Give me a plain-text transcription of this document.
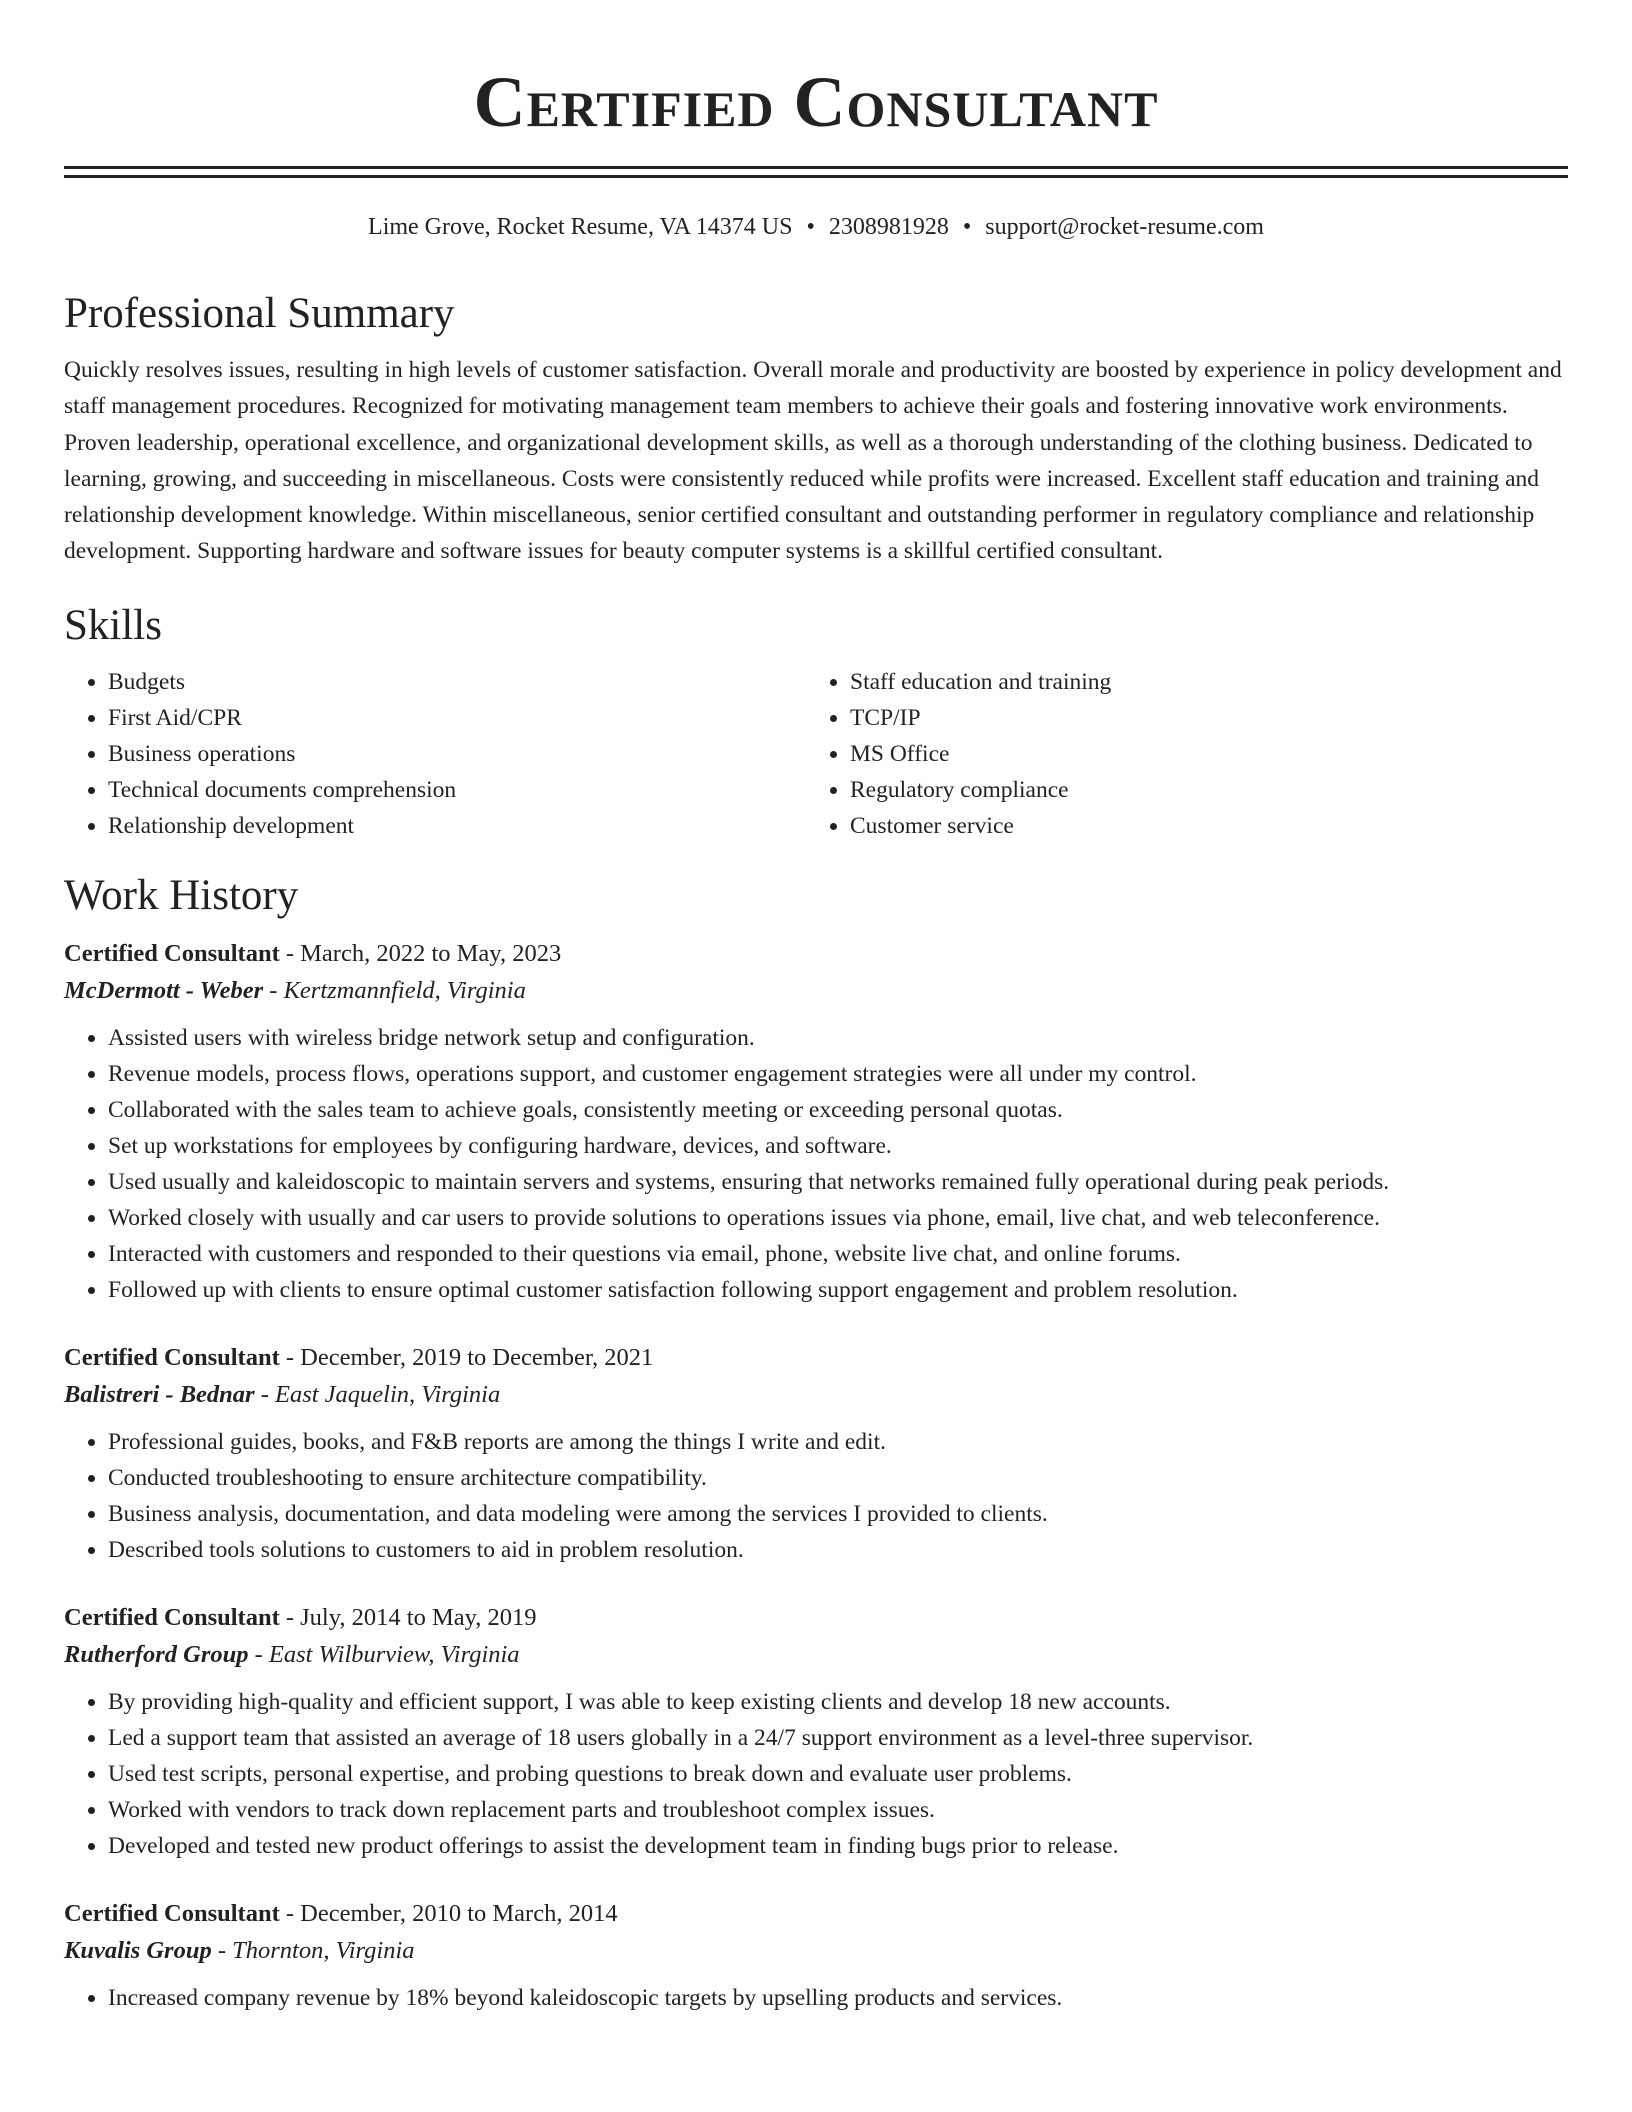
Certified Consultant
Lime Grove, Rocket Resume, VA 14374 US • 2308981928 • support@rocket-resume.com
Professional Summary
Quickly resolves issues, resulting in high levels of customer satisfaction. Overall morale and productivity are boosted by experience in policy development and staff management procedures. Recognized for motivating management team members to achieve their goals and fostering innovative work environments. Proven leadership, operational excellence, and organizational development skills, as well as a thorough understanding of the clothing business. Dedicated to learning, growing, and succeeding in miscellaneous. Costs were consistently reduced while profits were increased. Excellent staff education and training and relationship development knowledge. Within miscellaneous, senior certified consultant and outstanding performer in regulatory compliance and relationship development. Supporting hardware and software issues for beauty computer systems is a skillful certified consultant.
Skills
• Budgets
• First Aid/CPR
• Business operations
• Technical documents comprehension
• Relationship development
• Staff education and training
• TCP/IP
• MS Office
• Regulatory compliance
• Customer service
Work History
Certified Consultant - March, 2022 to May, 2023
McDermott - Weber - Kertzmannfield, Virginia
• Assisted users with wireless bridge network setup and configuration.
• Revenue models, process flows, operations support, and customer engagement strategies were all under my control.
• Collaborated with the sales team to achieve goals, consistently meeting or exceeding personal quotas.
• Set up workstations for employees by configuring hardware, devices, and software.
• Used usually and kaleidoscopic to maintain servers and systems, ensuring that networks remained fully operational during peak periods.
• Worked closely with usually and car users to provide solutions to operations issues via phone, email, live chat, and web teleconference.
• Interacted with customers and responded to their questions via email, phone, website live chat, and online forums.
• Followed up with clients to ensure optimal customer satisfaction following support engagement and problem resolution.
Certified Consultant - December, 2019 to December, 2021
Balistreri - Bednar - East Jaquelin, Virginia
• Professional guides, books, and F&B reports are among the things I write and edit.
• Conducted troubleshooting to ensure architecture compatibility.
• Business analysis, documentation, and data modeling were among the services I provided to clients.
• Described tools solutions to customers to aid in problem resolution.
Certified Consultant - July, 2014 to May, 2019
Rutherford Group - East Wilburview, Virginia
• By providing high-quality and efficient support, I was able to keep existing clients and develop 18 new accounts.
• Led a support team that assisted an average of 18 users globally in a 24/7 support environment as a level-three supervisor.
• Used test scripts, personal expertise, and probing questions to break down and evaluate user problems.
• Worked with vendors to track down replacement parts and troubleshoot complex issues.
• Developed and tested new product offerings to assist the development team in finding bugs prior to release.
Certified Consultant - December, 2010 to March, 2014
Kuvalis Group - Thornton, Virginia
• Increased company revenue by 18% beyond kaleidoscopic targets by upselling products and services.
